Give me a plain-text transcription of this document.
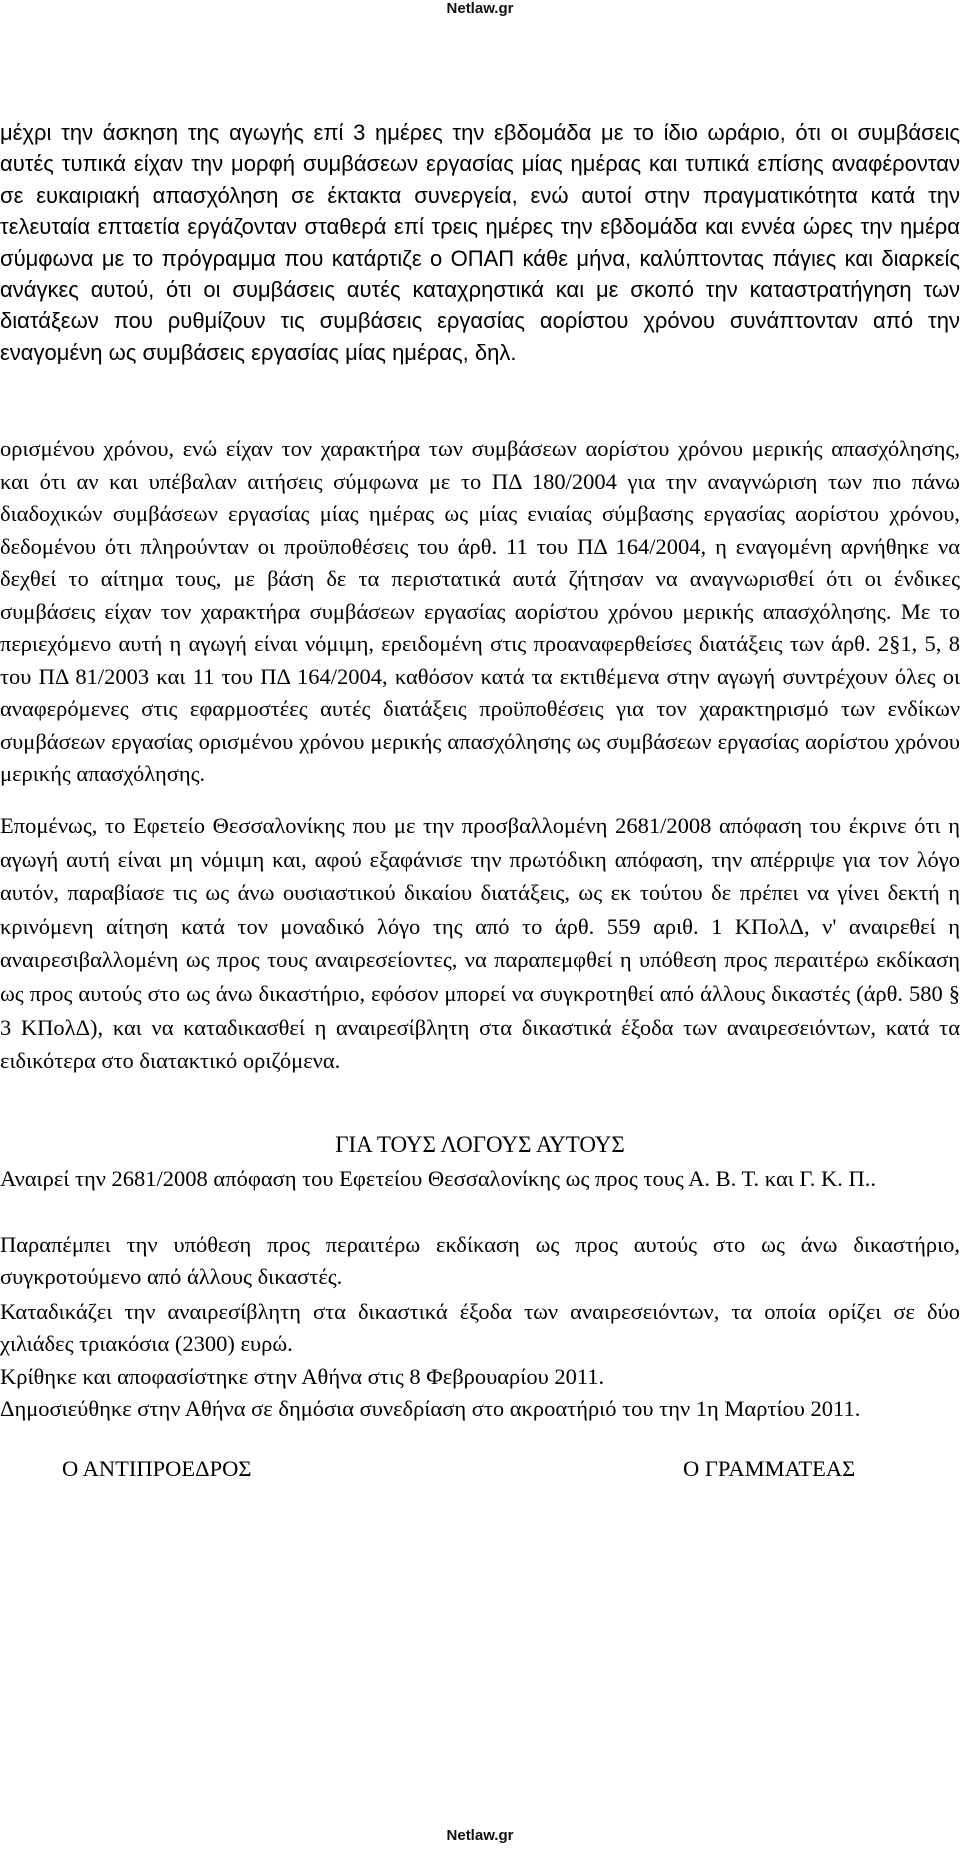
Netlaw.gr

μέχρι την άσκηση της αγωγής επί 3 ημέρες την εβδομάδα με το ίδιο ωράριο, ότι οι συμβάσεις αυτές τυπικά είχαν την μορφή συμβάσεων εργασίας μίας ημέρας και τυπικά επίσης αναφέρονταν σε ευκαιριακή απασχόληση σε έκτακτα συνεργεία, ενώ αυτοί στην πραγματικότητα κατά την τελευταία επταετία εργάζονταν σταθερά επί τρεις ημέρες την εβδομάδα και εννέα ώρες την ημέρα σύμφωνα με το πρόγραμμα που κατάρτιζε ο ΟΠΑΠ κάθε μήνα, καλύπτοντας πάγιες και διαρκείς ανάγκες αυτού, ότι οι συμβάσεις αυτές καταχρηστικά και με σκοπό την καταστρατήγηση των διατάξεων που ρυθμίζουν τις συμβάσεις εργασίας αορίστου χρόνου συνάπτονταν από την εναγομένη ως συμβάσεις εργασίας μίας ημέρας, δηλ.

ορισμένου χρόνου, ενώ είχαν τον χαρακτήρα των συμβάσεων αορίστου χρόνου μερικής απασχόλησης, και ότι αν και υπέβαλαν αιτήσεις σύμφωνα με το ΠΔ 180/2004 για την αναγνώριση των πιο πάνω διαδοχικών συμβάσεων εργασίας μίας ημέρας ως μίας ενιαίας σύμβασης εργασίας αορίστου χρόνου, δεδομένου ότι πληρούνταν οι προϋποθέσεις του άρθ. 11 του ΠΔ 164/2004, η εναγομένη αρνήθηκε να δεχθεί το αίτημα τους, με βάση δε τα περιστατικά αυτά ζήτησαν να αναγνωρισθεί ότι οι ένδικες συμβάσεις είχαν τον χαρακτήρα συμβάσεων εργασίας αορίστου χρόνου μερικής απασχόλησης. Με το περιεχόμενο αυτή η αγωγή είναι νόμιμη, ερειδομένη στις προαναφερθείσες διατάξεις των άρθ. 2§1, 5, 8 του ΠΔ 81/2003 και 11 του ΠΔ 164/2004, καθόσον κατά τα εκτιθέμενα στην αγωγή συντρέχουν όλες οι αναφερόμενες στις εφαρμοστέες αυτές διατάξεις προϋποθέσεις για τον χαρακτηρισμό των ενδίκων συμβάσεων εργασίας ορισμένου χρόνου μερικής απασχόλησης ως συμβάσεων εργασίας αορίστου χρόνου μερικής απασχόλησης.

Επομένως, το Εφετείο Θεσσαλονίκης που με την προσβαλλομένη 2681/2008 απόφαση του έκρινε ότι η αγωγή αυτή είναι μη νόμιμη και, αφού εξαφάνισε την πρωτόδικη απόφαση, την απέρριψε για τον λόγο αυτόν, παραβίασε τις ως άνω ουσιαστικού δικαίου διατάξεις, ως εκ τούτου δε πρέπει να γίνει δεκτή η κρινόμενη αίτηση κατά τον μοναδικό λόγο της από το άρθ. 559 αριθ. 1 ΚΠολΔ, ν' αναιρεθεί η αναιρεσιβαλλομένη ως προς τους αναιρεσείοντες, να παραπεμφθεί η υπόθεση προς περαιτέρω εκδίκαση ως προς αυτούς στο ως άνω δικαστήριο, εφόσον μπορεί να συγκροτηθεί από άλλους δικαστές (άρθ. 580 § 3 ΚΠολΔ), και να καταδικασθεί η αναιρεσίβλητη στα δικαστικά έξοδα των αναιρεσειόντων, κατά τα ειδικότερα στο διατακτικό οριζόμενα.

ΓΙΑ ΤΟΥΣ ΛΟΓΟΥΣ ΑΥΤΟΥΣ

Αναιρεί την 2681/2008 απόφαση του Εφετείου Θεσσαλονίκης ως προς τους Α. Β. Τ. και Γ. Κ. Π..

Παραπέμπει την υπόθεση προς περαιτέρω εκδίκαση ως προς αυτούς στο ως άνω δικαστήριο, συγκροτούμενο από άλλους δικαστές.

Καταδικάζει την αναιρεσίβλητη στα δικαστικά έξοδα των αναιρεσειόντων, τα οποία ορίζει σε δύο χιλιάδες τριακόσια (2300) ευρώ.

Κρίθηκε και αποφασίστηκε στην Αθήνα στις 8 Φεβρουαρίου 2011.

Δημοσιεύθηκε στην Αθήνα σε δημόσια συνεδρίαση στο ακροατήριό του την 1η Μαρτίου 2011.

Ο ΑΝΤΙΠΡΟΕΔΡΟΣ	Ο ΓΡΑΜΜΑΤΕΑΣ
Netlaw.gr
